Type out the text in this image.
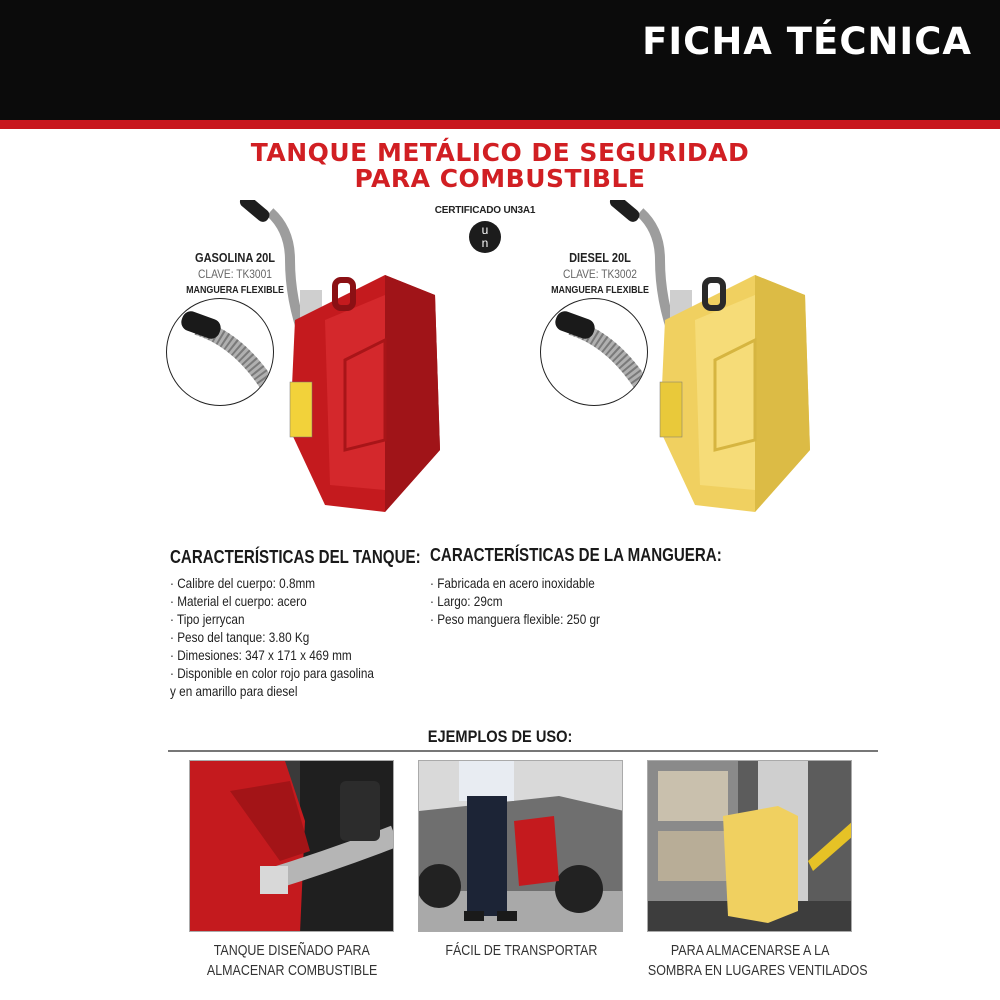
FICHA TÉCNICA
TANQUE METÁLICO DE SEGURIDAD
PARA COMBUSTIBLE
CERTIFICADO UN3A1
u
n
GASOLINA 20L
CLAVE: TK3001
MANGUERA FLEXIBLE
DIESEL 20L
CLAVE: TK3002
MANGUERA FLEXIBLE
CARACTERÍSTICAS DEL TANQUE:
· Calibre del cuerpo: 0.8mm
· Material el cuerpo: acero
· Tipo jerrycan
· Peso del tanque: 3.80 Kg
· Dimesiones: 347 x 171 x 469 mm
· Disponible en color rojo para gasolina
y en amarillo para diesel
CARACTERÍSTICAS DE LA MANGUERA:
· Fabricada en acero inoxidable
· Largo: 29cm
· Peso manguera flexible: 250 gr
EJEMPLOS DE USO:
TANQUE DISEÑADO PARA
ALMACENAR COMBUSTIBLE
FÁCIL DE TRANSPORTAR	PARA ALMACENARSE A LA
SOMBRA EN LUGARES VENTILADOS
